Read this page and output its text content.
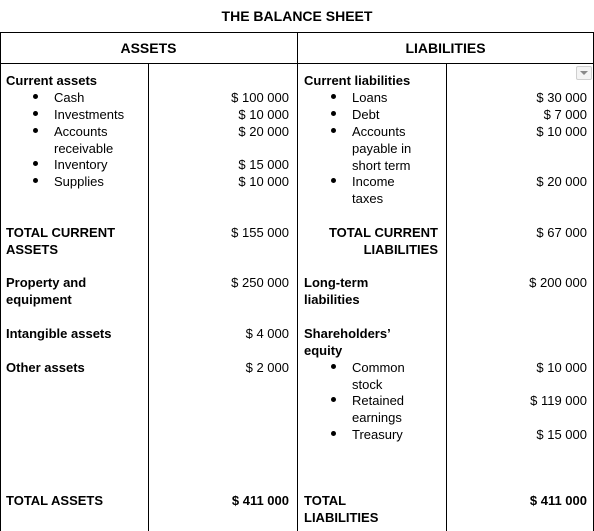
THE BALANCE SHEET
ASSETS	LIABILITIES
Current assets
Cash
Investments
Accounts receivable
Inventory
Supplies
TOTAL CURRENT ASSETS
Property and equipment
Intangible assets
Other assets
TOTAL ASSETS
$ 100 000
$ 10 000
$ 20 000
$ 15 000
$ 10 000
$ 155 000
$ 250 000
$ 4 000
$ 2 000
$ 411 000
Current liabilities
Loans
Debt
Accounts payable in short term
Income taxes
TOTAL CURRENT LIABILITIES
Long-term liabilities
Shareholders’ equity
Common stock
Retained earnings
Treasury
TOTAL LIABILITIES
$ 30 000
$ 7 000
$ 10 000
$ 20 000
$ 67 000
$ 200 000
$ 10 000
$ 119 000
$ 15 000
$ 411 000
